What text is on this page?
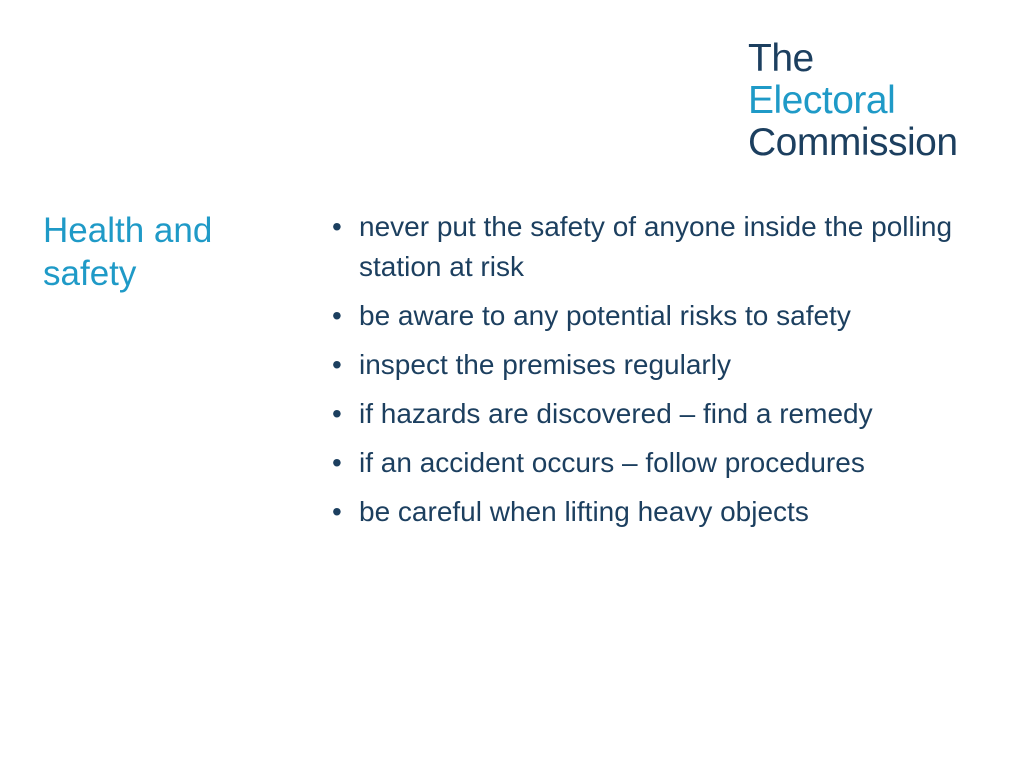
The
Electoral
Commission
Health and safety
• never put the safety of anyone inside the polling station at risk
• be aware to any potential risks to safety
• inspect the premises regularly
• if hazards are discovered – find a remedy
• if an accident occurs – follow procedures
• be careful when lifting heavy objects
